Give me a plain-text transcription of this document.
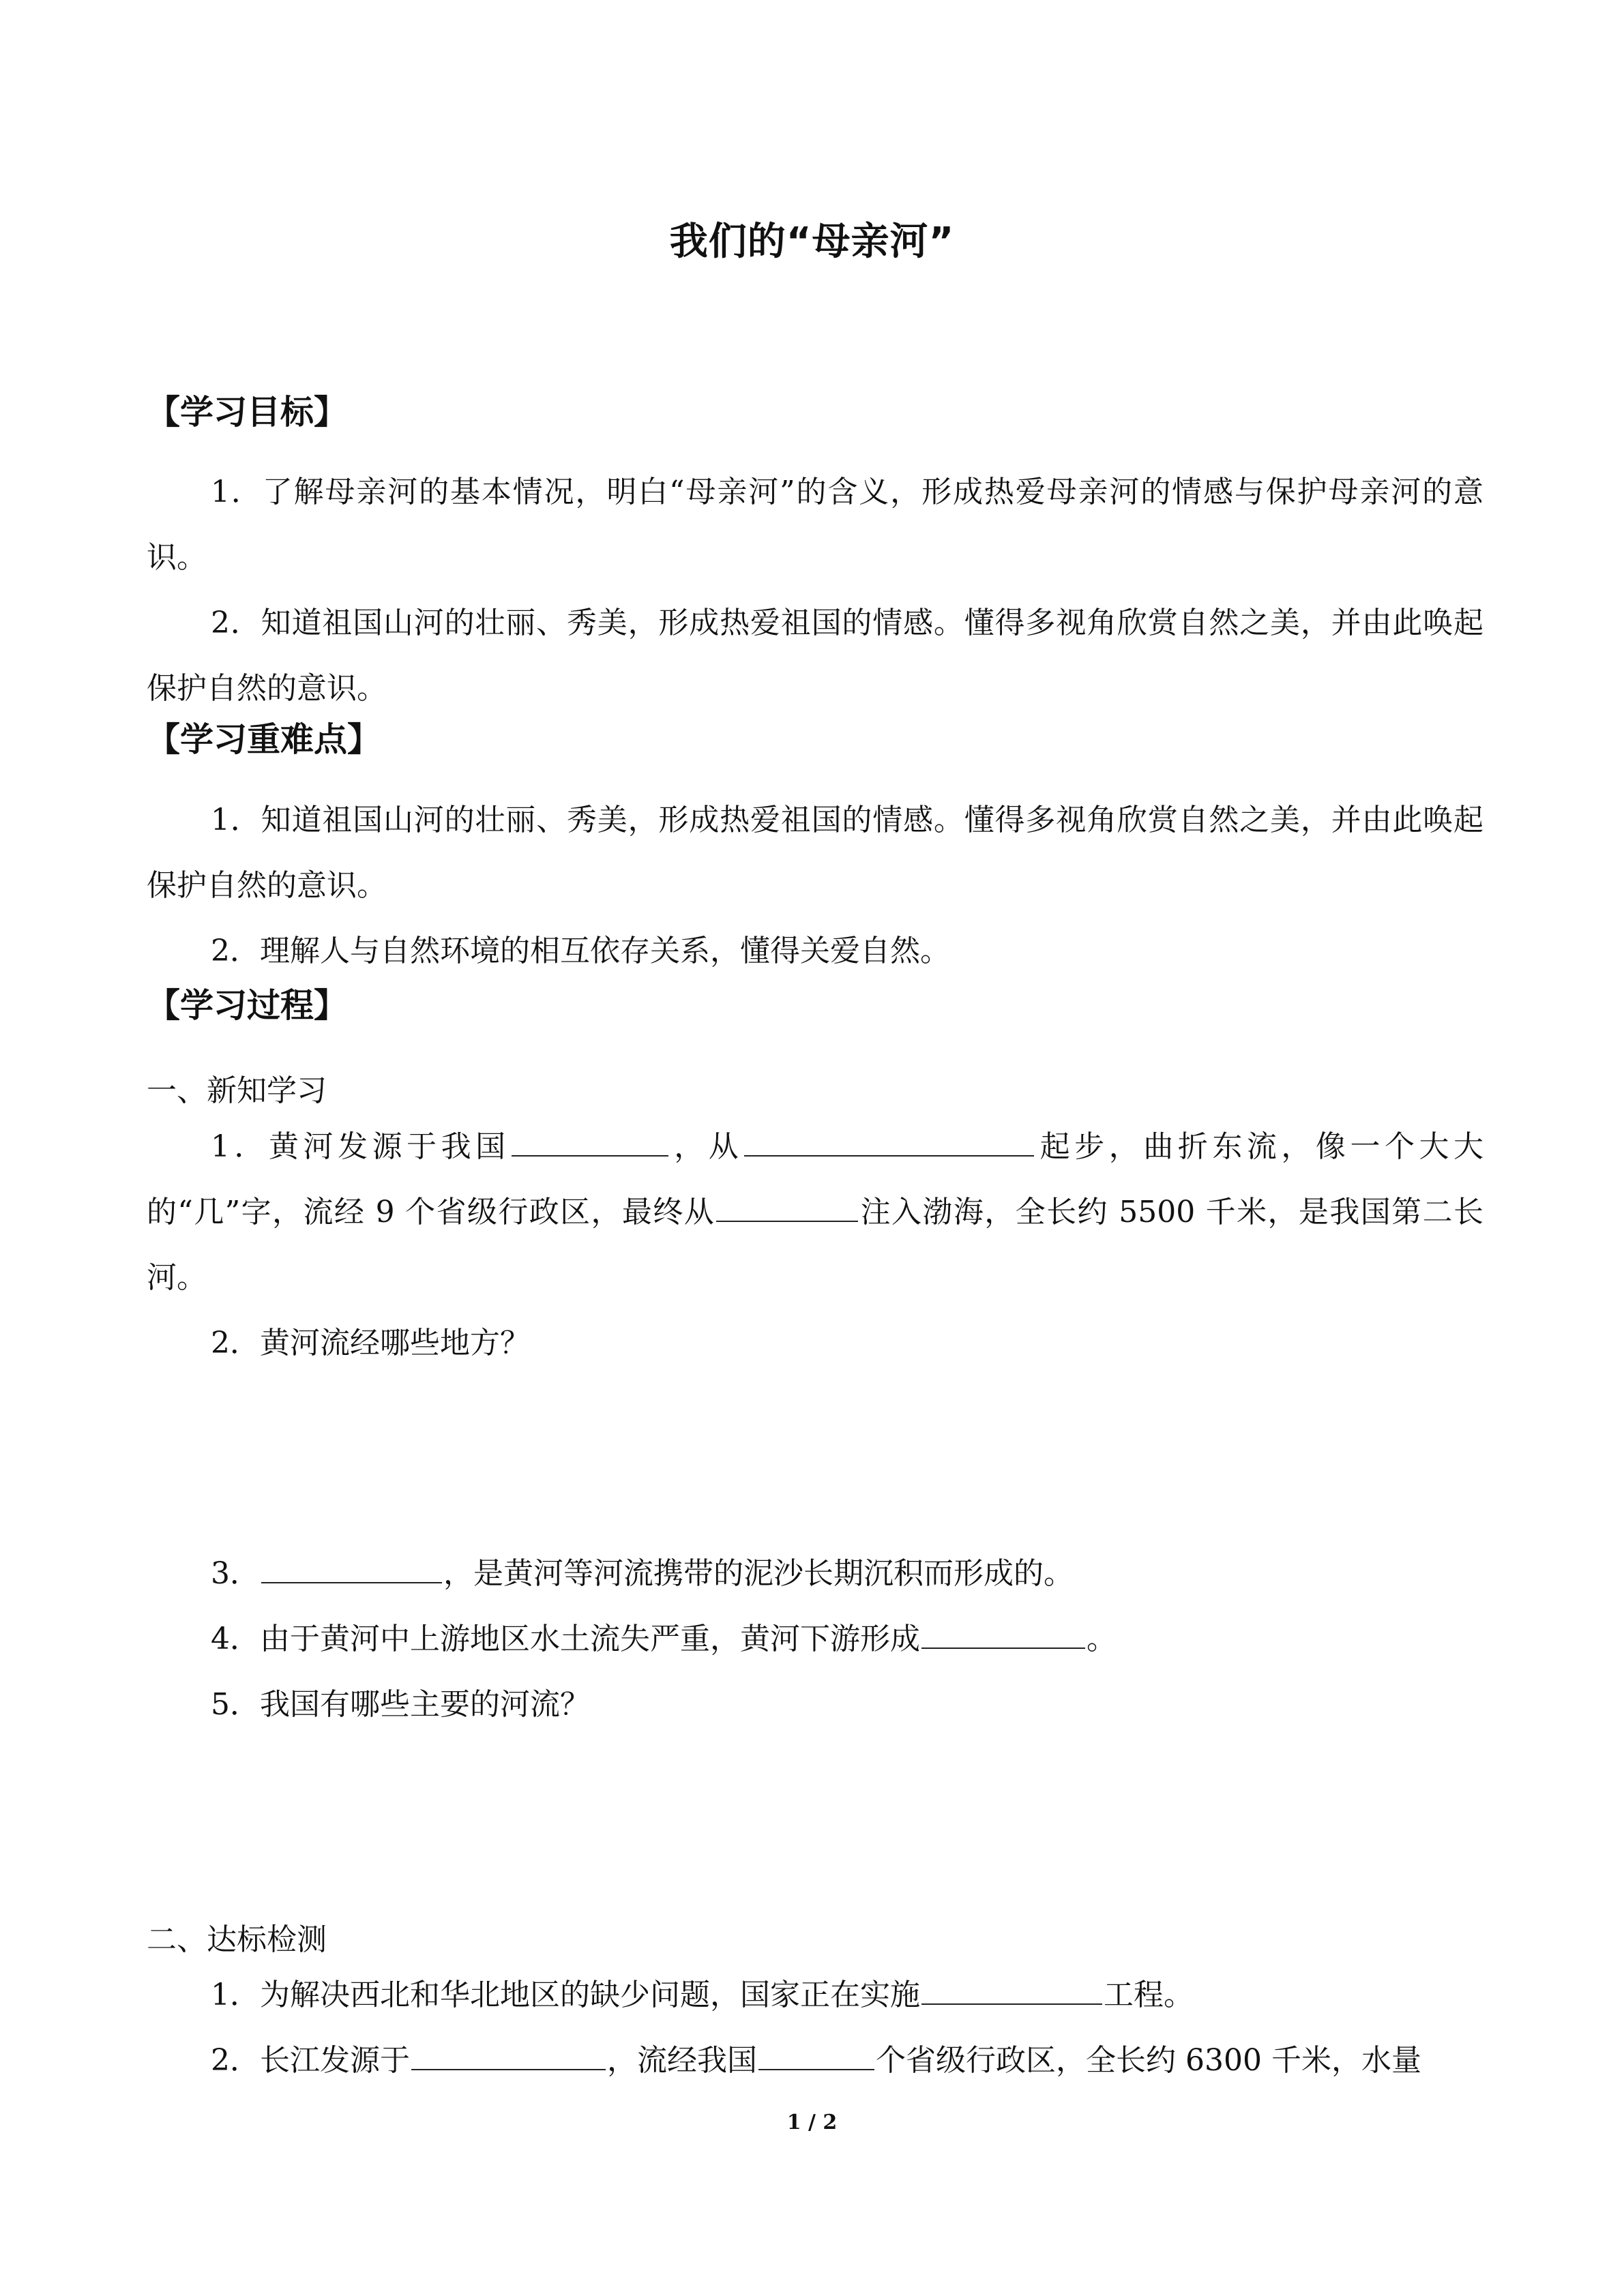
我们的“母亲河”
【学习目标】
1．了解母亲河的基本情况，明白“母亲河”的含义，形成热爱母亲河的情感与保护母亲河的意识。
2．知道祖国山河的壮丽、秀美，形成热爱祖国的情感。懂得多视角欣赏自然之美，并由此唤起保护自然的意识。
【学习重难点】
1．知道祖国山河的壮丽、秀美，形成热爱祖国的情感。懂得多视角欣赏自然之美，并由此唤起保护自然的意识。
2．理解人与自然环境的相互依存关系，懂得关爱自然。
【学习过程】
一、新知学习
1．黄河发源于我国	，从	起步，曲折东流，像一个大大的“几”字，流经 9 个省级行政区，最终从	注入渤海，全长约 5500 千米，是我国第二长河。
2．黄河流经哪些地方？
3．	，是黄河等河流携带的泥沙长期沉积而形成的。
4．由于黄河中上游地区水土流失严重，黄河下游形成	。
5．我国有哪些主要的河流？
二、达标检测
1．为解决西北和华北地区的缺少问题，国家正在实施	工程。
2．长江发源于	，流经我国	个省级行政区，全长约 6300 千米，水量
1 / 2
